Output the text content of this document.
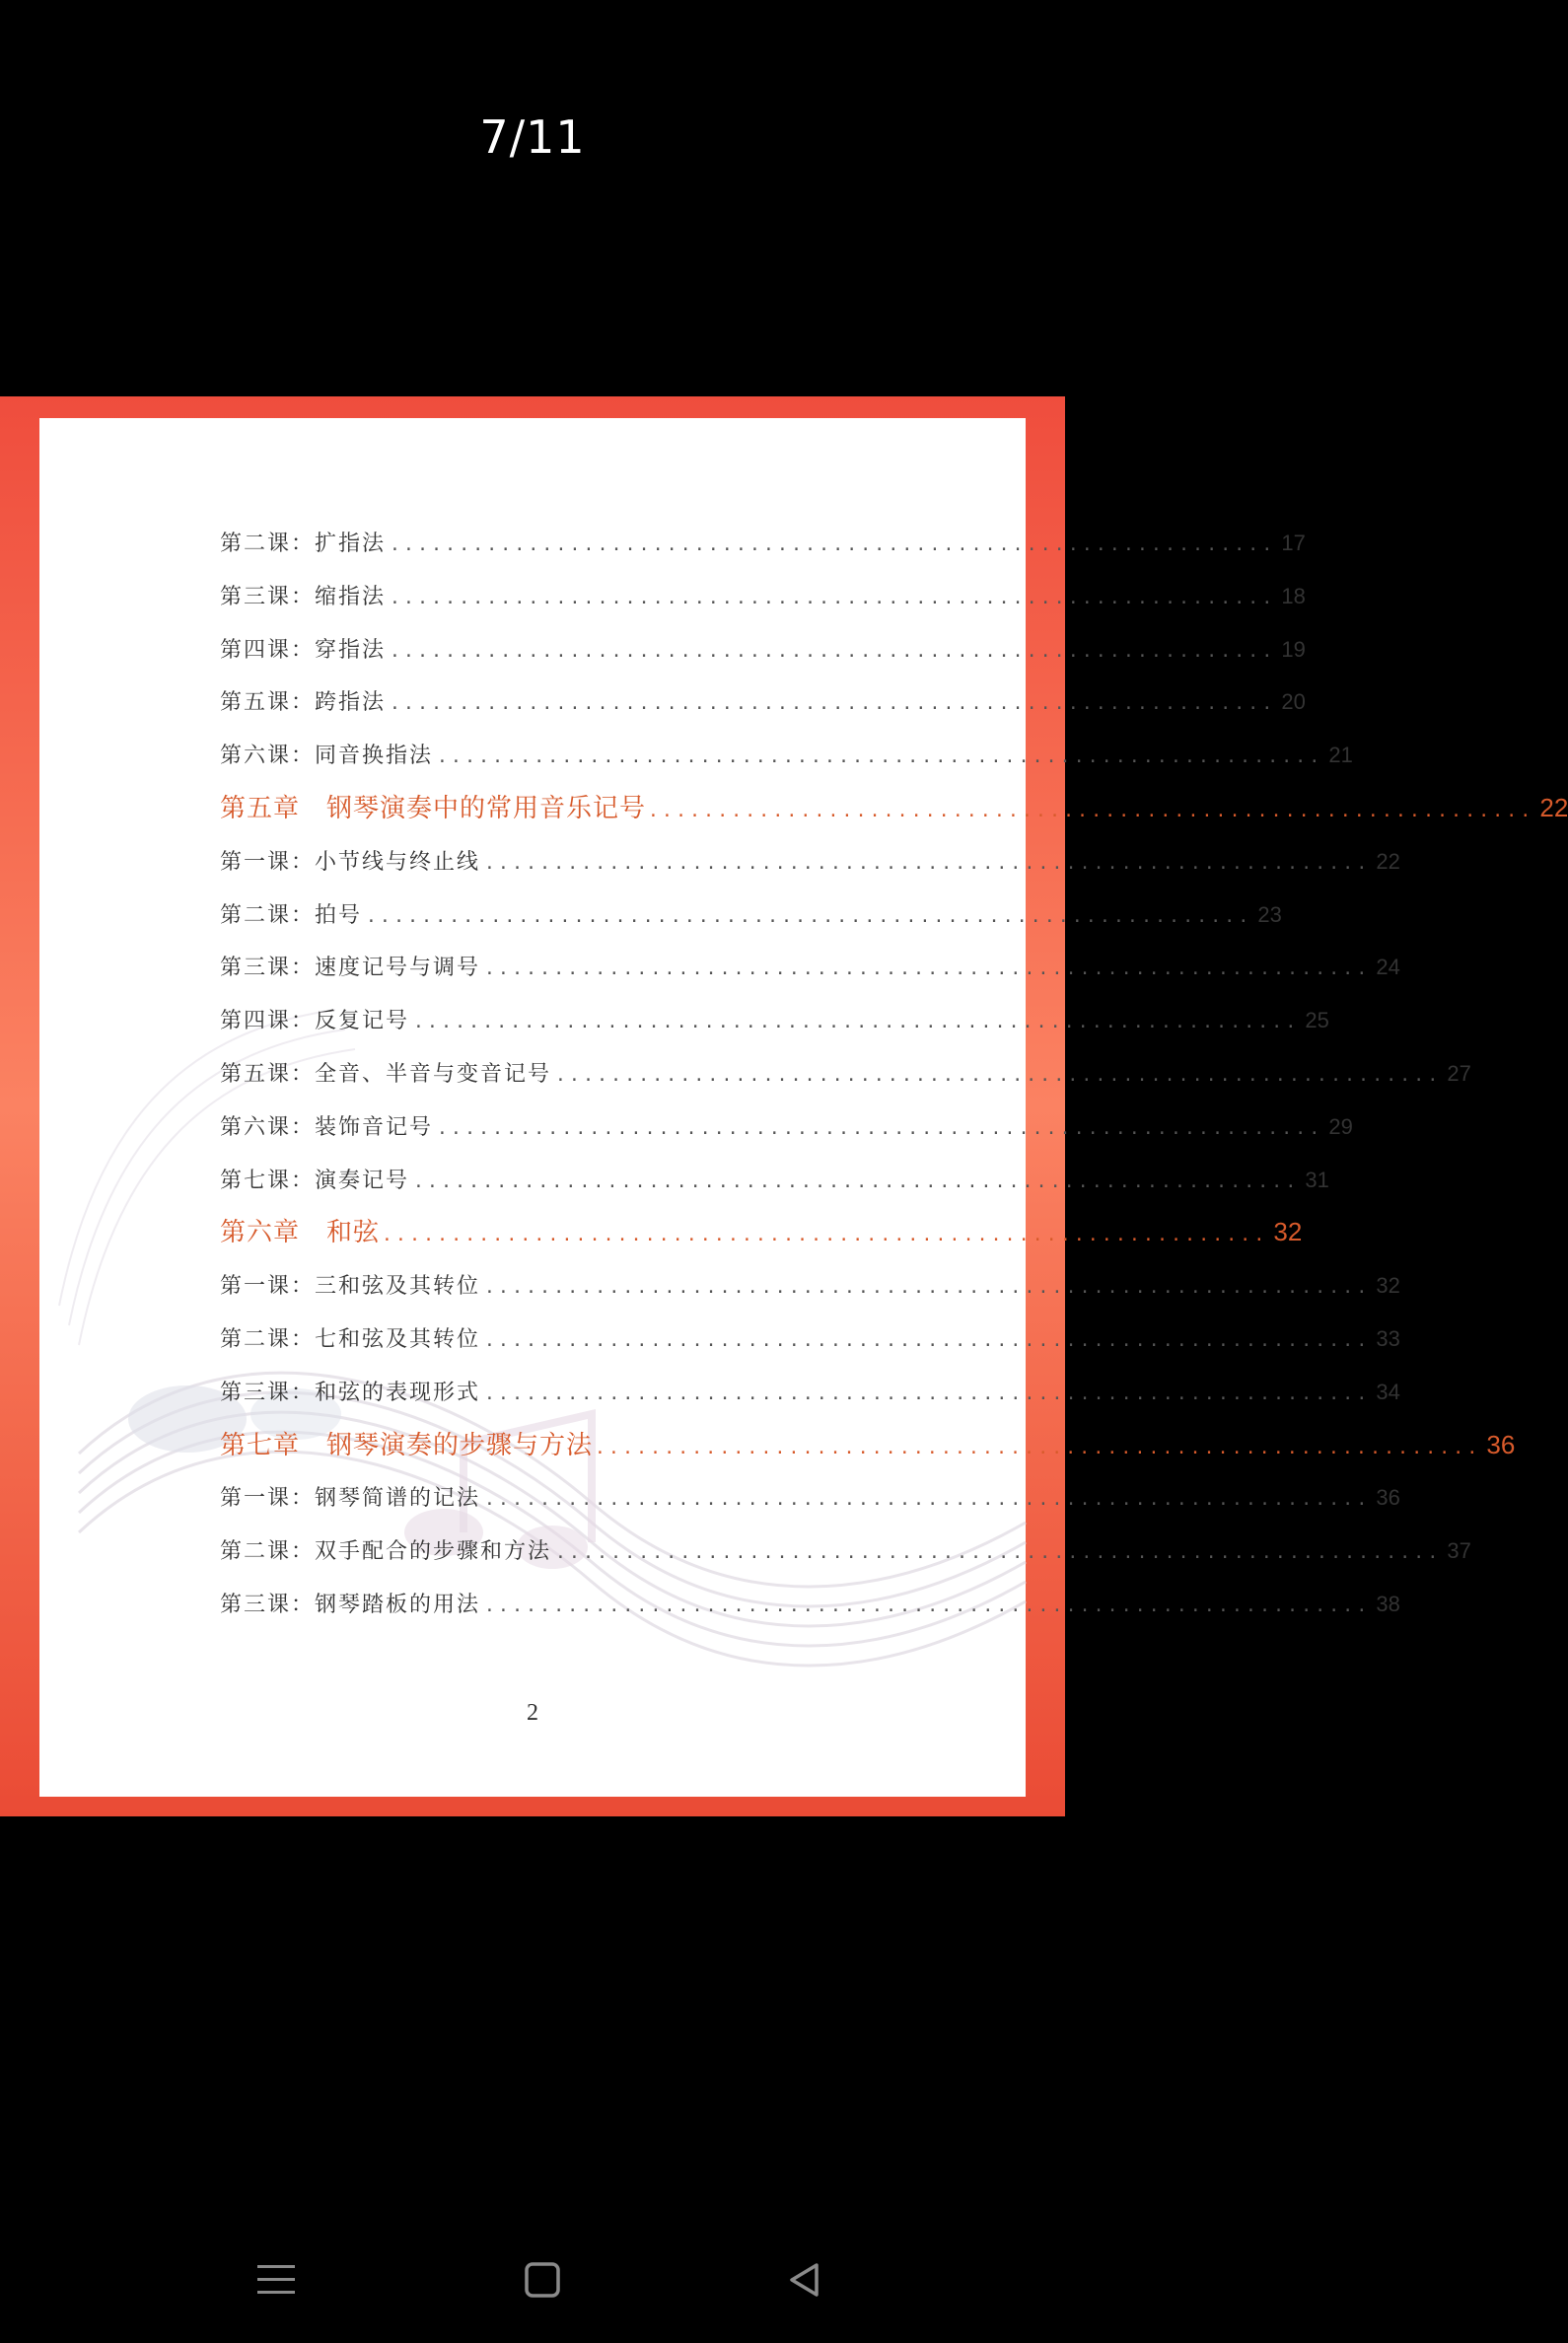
7/11
第二课：扩指法 ................................................................ 17
第三课：缩指法 ................................................................ 18
第四课：穿指法 ................................................................ 19
第五课：跨指法 ................................................................ 20
第六课：同音换指法 ................................................................ 21
第五章　钢琴演奏中的常用音乐记号 ................................................................ 22
第一课：小节线与终止线 ................................................................ 22
第二课：拍号 ................................................................ 23
第三课：速度记号与调号 ................................................................ 24
第四课：反复记号 ................................................................ 25
第五课：全音、半音与变音记号 ................................................................ 27
第六课：装饰音记号 ................................................................ 29
第七课：演奏记号 ................................................................ 31
第六章　和弦 ................................................................ 32
第一课：三和弦及其转位 ................................................................ 32
第二课：七和弦及其转位 ................................................................ 33
第三课：和弦的表现形式 ................................................................ 34
第七章　钢琴演奏的步骤与方法 ................................................................ 36
第一课：钢琴简谱的记法 ................................................................ 36
第二课：双手配合的步骤和方法 ................................................................ 37
第三课：钢琴踏板的用法 ................................................................ 38
2
